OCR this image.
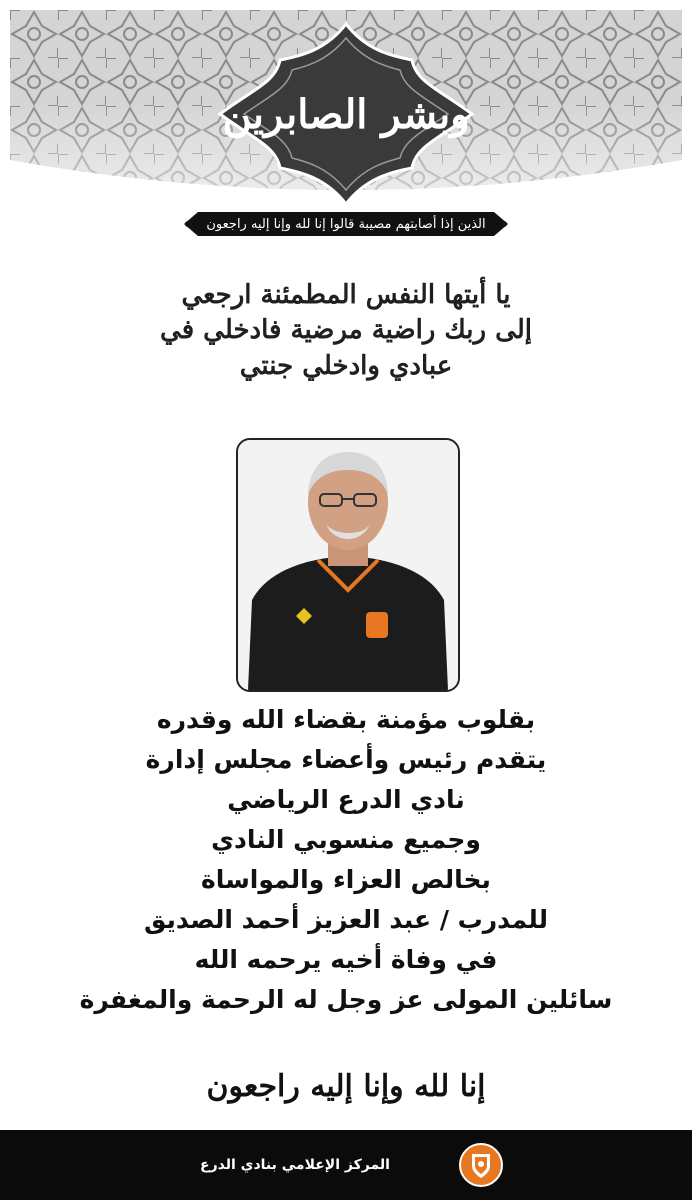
وبشر الصابرين
الذين إذا أصابتهم مصيبة قالوا إنا لله وإنا إليه راجعون
يا أيتها النفس المطمئنة ارجعي إلى ربك راضية مرضية فادخلي في عبادي وادخلي جنتي
بقلوب مؤمنة بقضاء الله وقدره
يتقدم رئيس وأعضاء مجلس إدارة
نادي الدرع الرياضي
وجميع منسوبي النادي
بخالص العزاء والمواساة
للمدرب / عبد العزيز أحمد الصديق
في وفاة أخيه يرحمه الله
سائلين المولى عز وجل له الرحمة والمغفرة
إنا لله وإنا إليه راجعون
المركز الإعلامي بنادي الدرع
